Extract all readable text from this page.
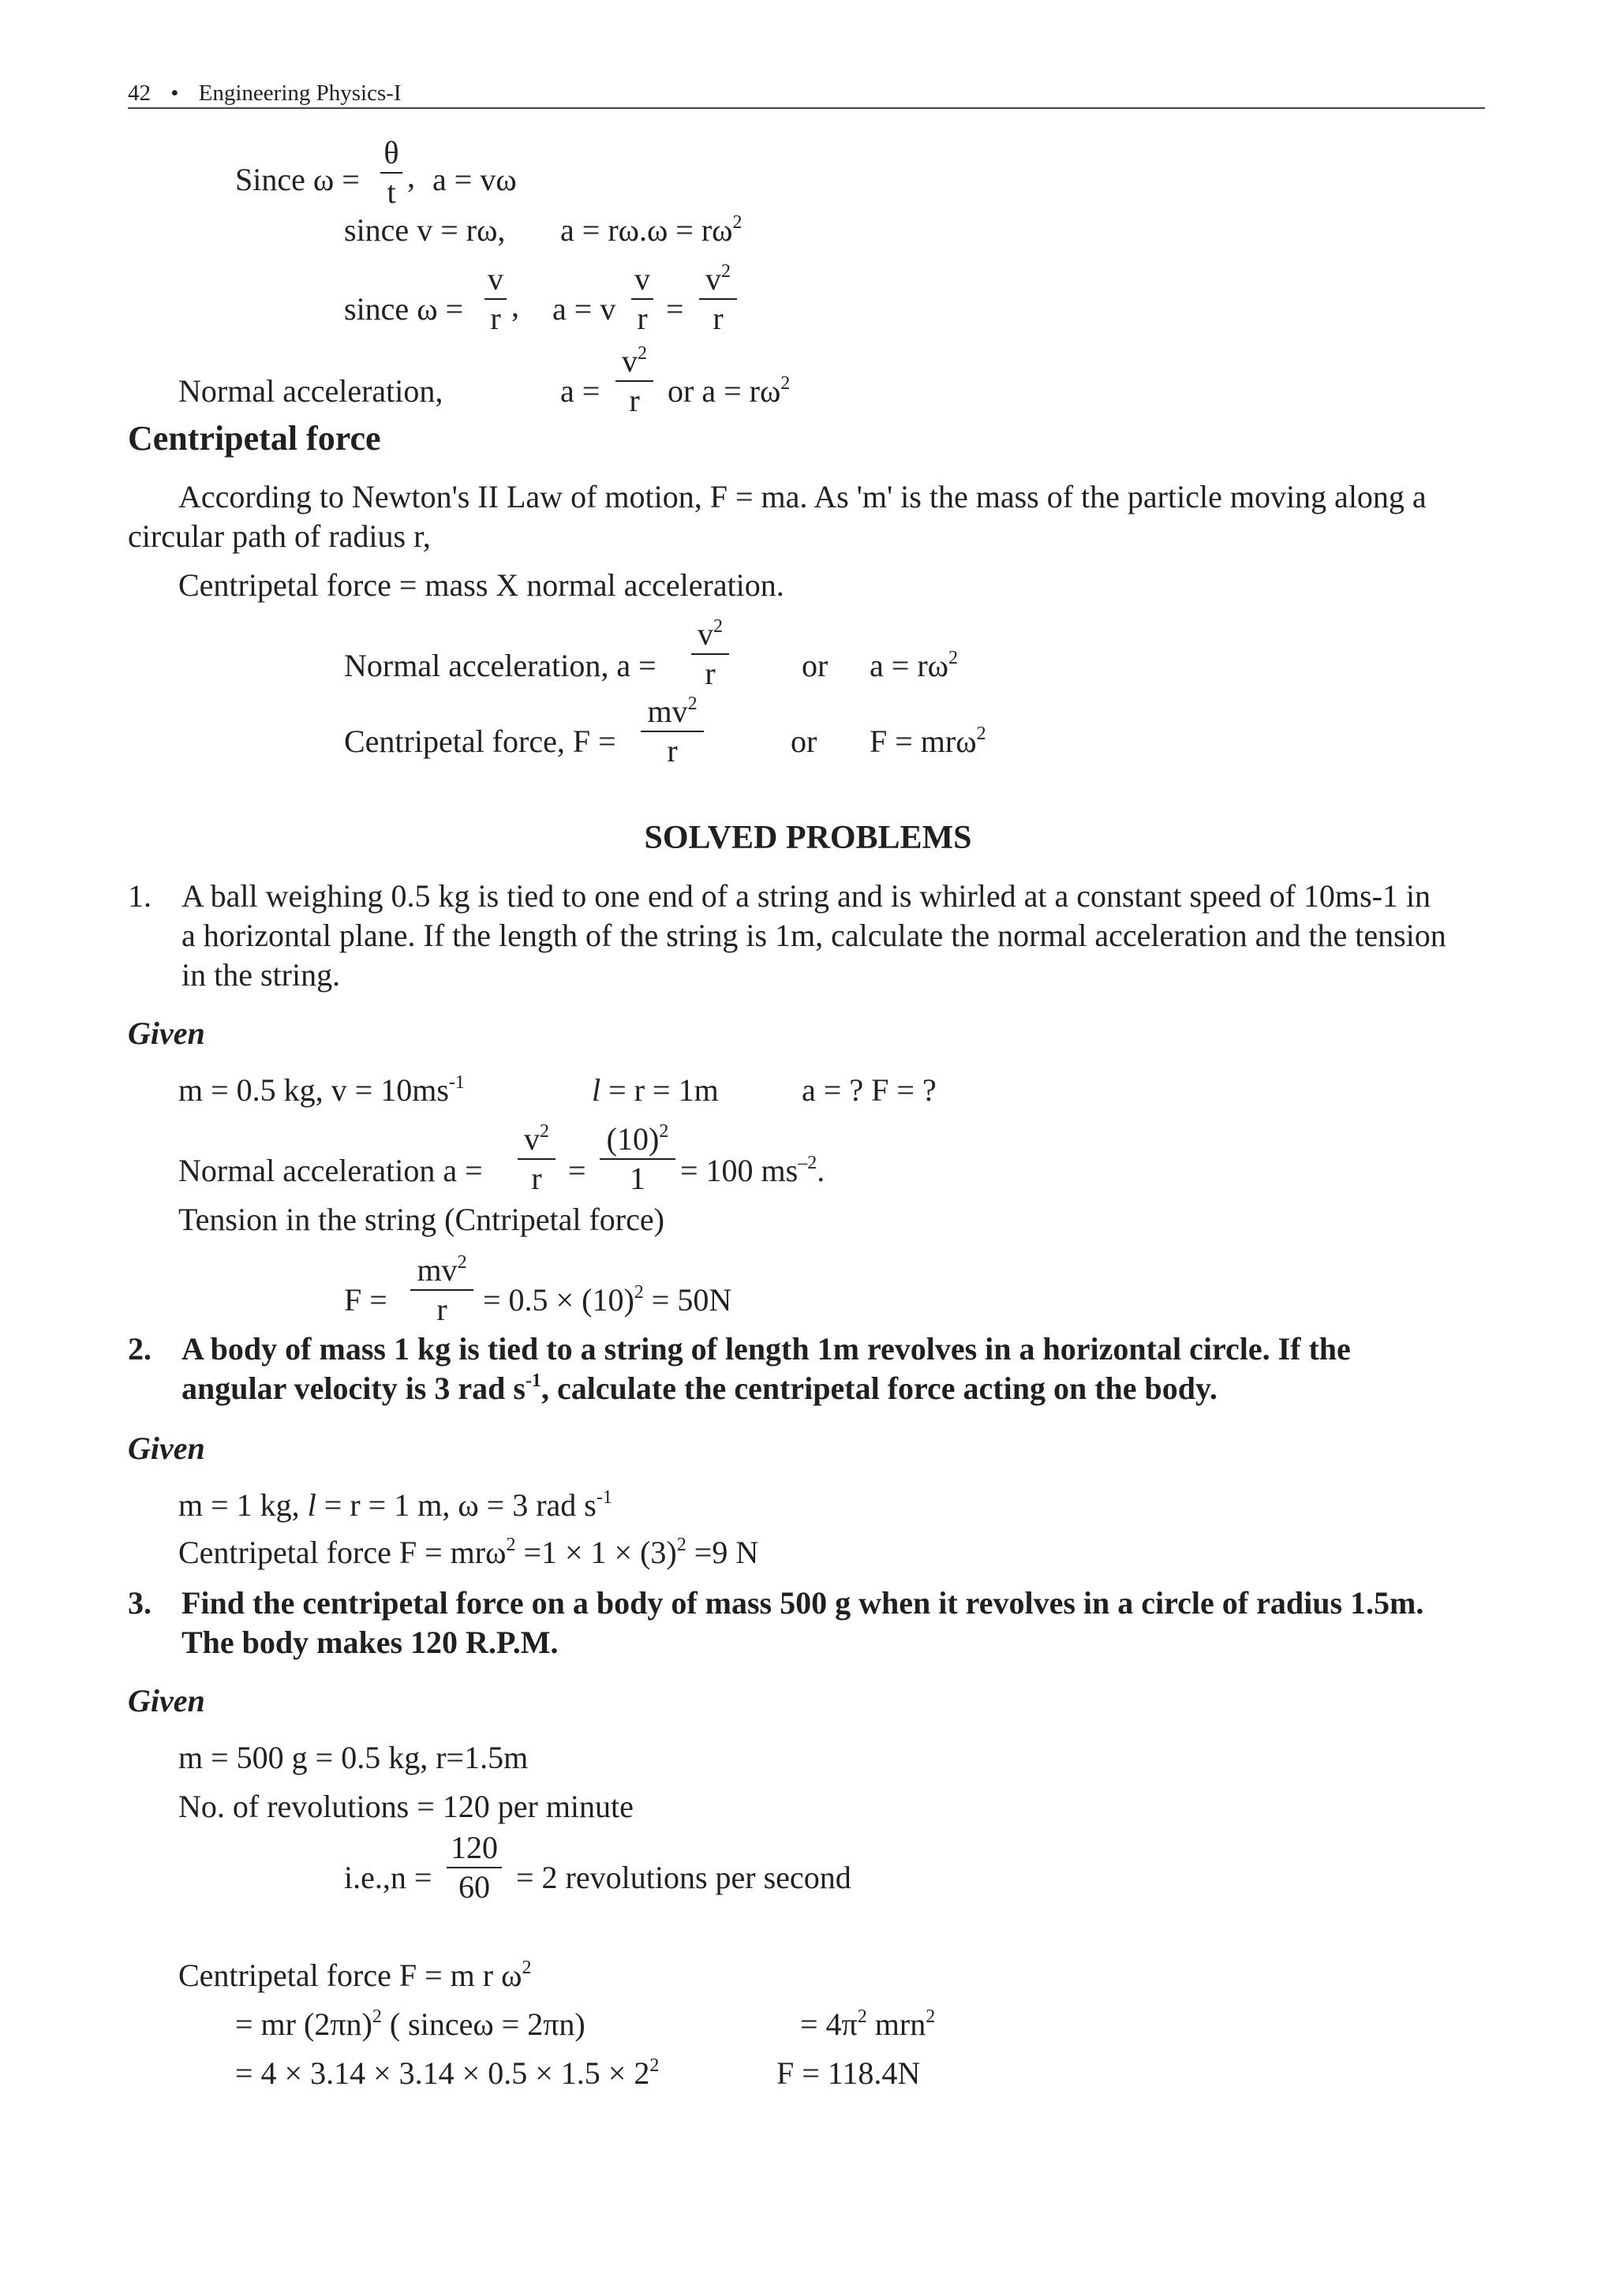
42 • Engineering Physics-I
Since ω =
θ
t , a = vω
since v = rω, $a = r\omega.\omega = r\omega^2$
since ω =
v
r , a = v
v
r =
$v^2$
r
Normal acceleration,	a =
$v^2$
r or $a = r\omega^2$
Centripetal force
According to Newton's II Law of motion, F = ma. As 'm' is the mass of the particle moving along a
circular path of radius r,
Centripetal force = mass X normal acceleration.
Normal acceleration, a =
$v^2$
r	or $a = r\omega^2$
Centripetal force, F =
$mv^2$
r	or F = mrω$^2$
SOLVED PROBLEMS
1. A ball weighing 0.5 kg is tied to one end of a string and is whirled at a constant speed of 10ms-1 in
a horizontal plane. If the length of the string is 1m, calculate the normal acceleration and the tension
in the string.
Given
m = 0.5 kg, $v = 10ms^{-1}$	l = r = 1m	a = ? F = ?
Normal acceleration a =
$v^2$
r =
$(10)^2$
1	= 100 $ms^{-2}$.
Tension in the string (Cntripetal force)
F =
$mv^2$
r	= $0.5 \times (10)^2 = 50N$
2. A body of mass 1 kg is tied to a string of length 1m revolves in a horizontal circle. If the
angular velocity is 3 rad $s^{-1}$, calculate the centripetal force acting on the body.
Given
m = 1 kg, l = r = 1 m, ω = 3 rad $s^{-1}$
Centripetal force $F = mr\omega^2 =1 \times 1 \times (3)^2 =9$ N
3. Find the centripetal force on a body of mass 500 g when it revolves in a circle of radius 1.5m.
The body makes 120 R.P.M.
Given
m = 500 g = 0.5 kg, r=1.5m
No. of revolutions = 120 per minute
i.e.,n =
120
60 = 2 revolutions per second
Centripetal force F = m r $\omega^2$
= mr $(2\pi n)^2$ ( sinceω = 2πn)	= $4\pi^2$ mrn$^2$
= $4 \times 3.14 \times 3.14 \times 0.5 \times 1.5 \times 2^2$	F = 118.4N
